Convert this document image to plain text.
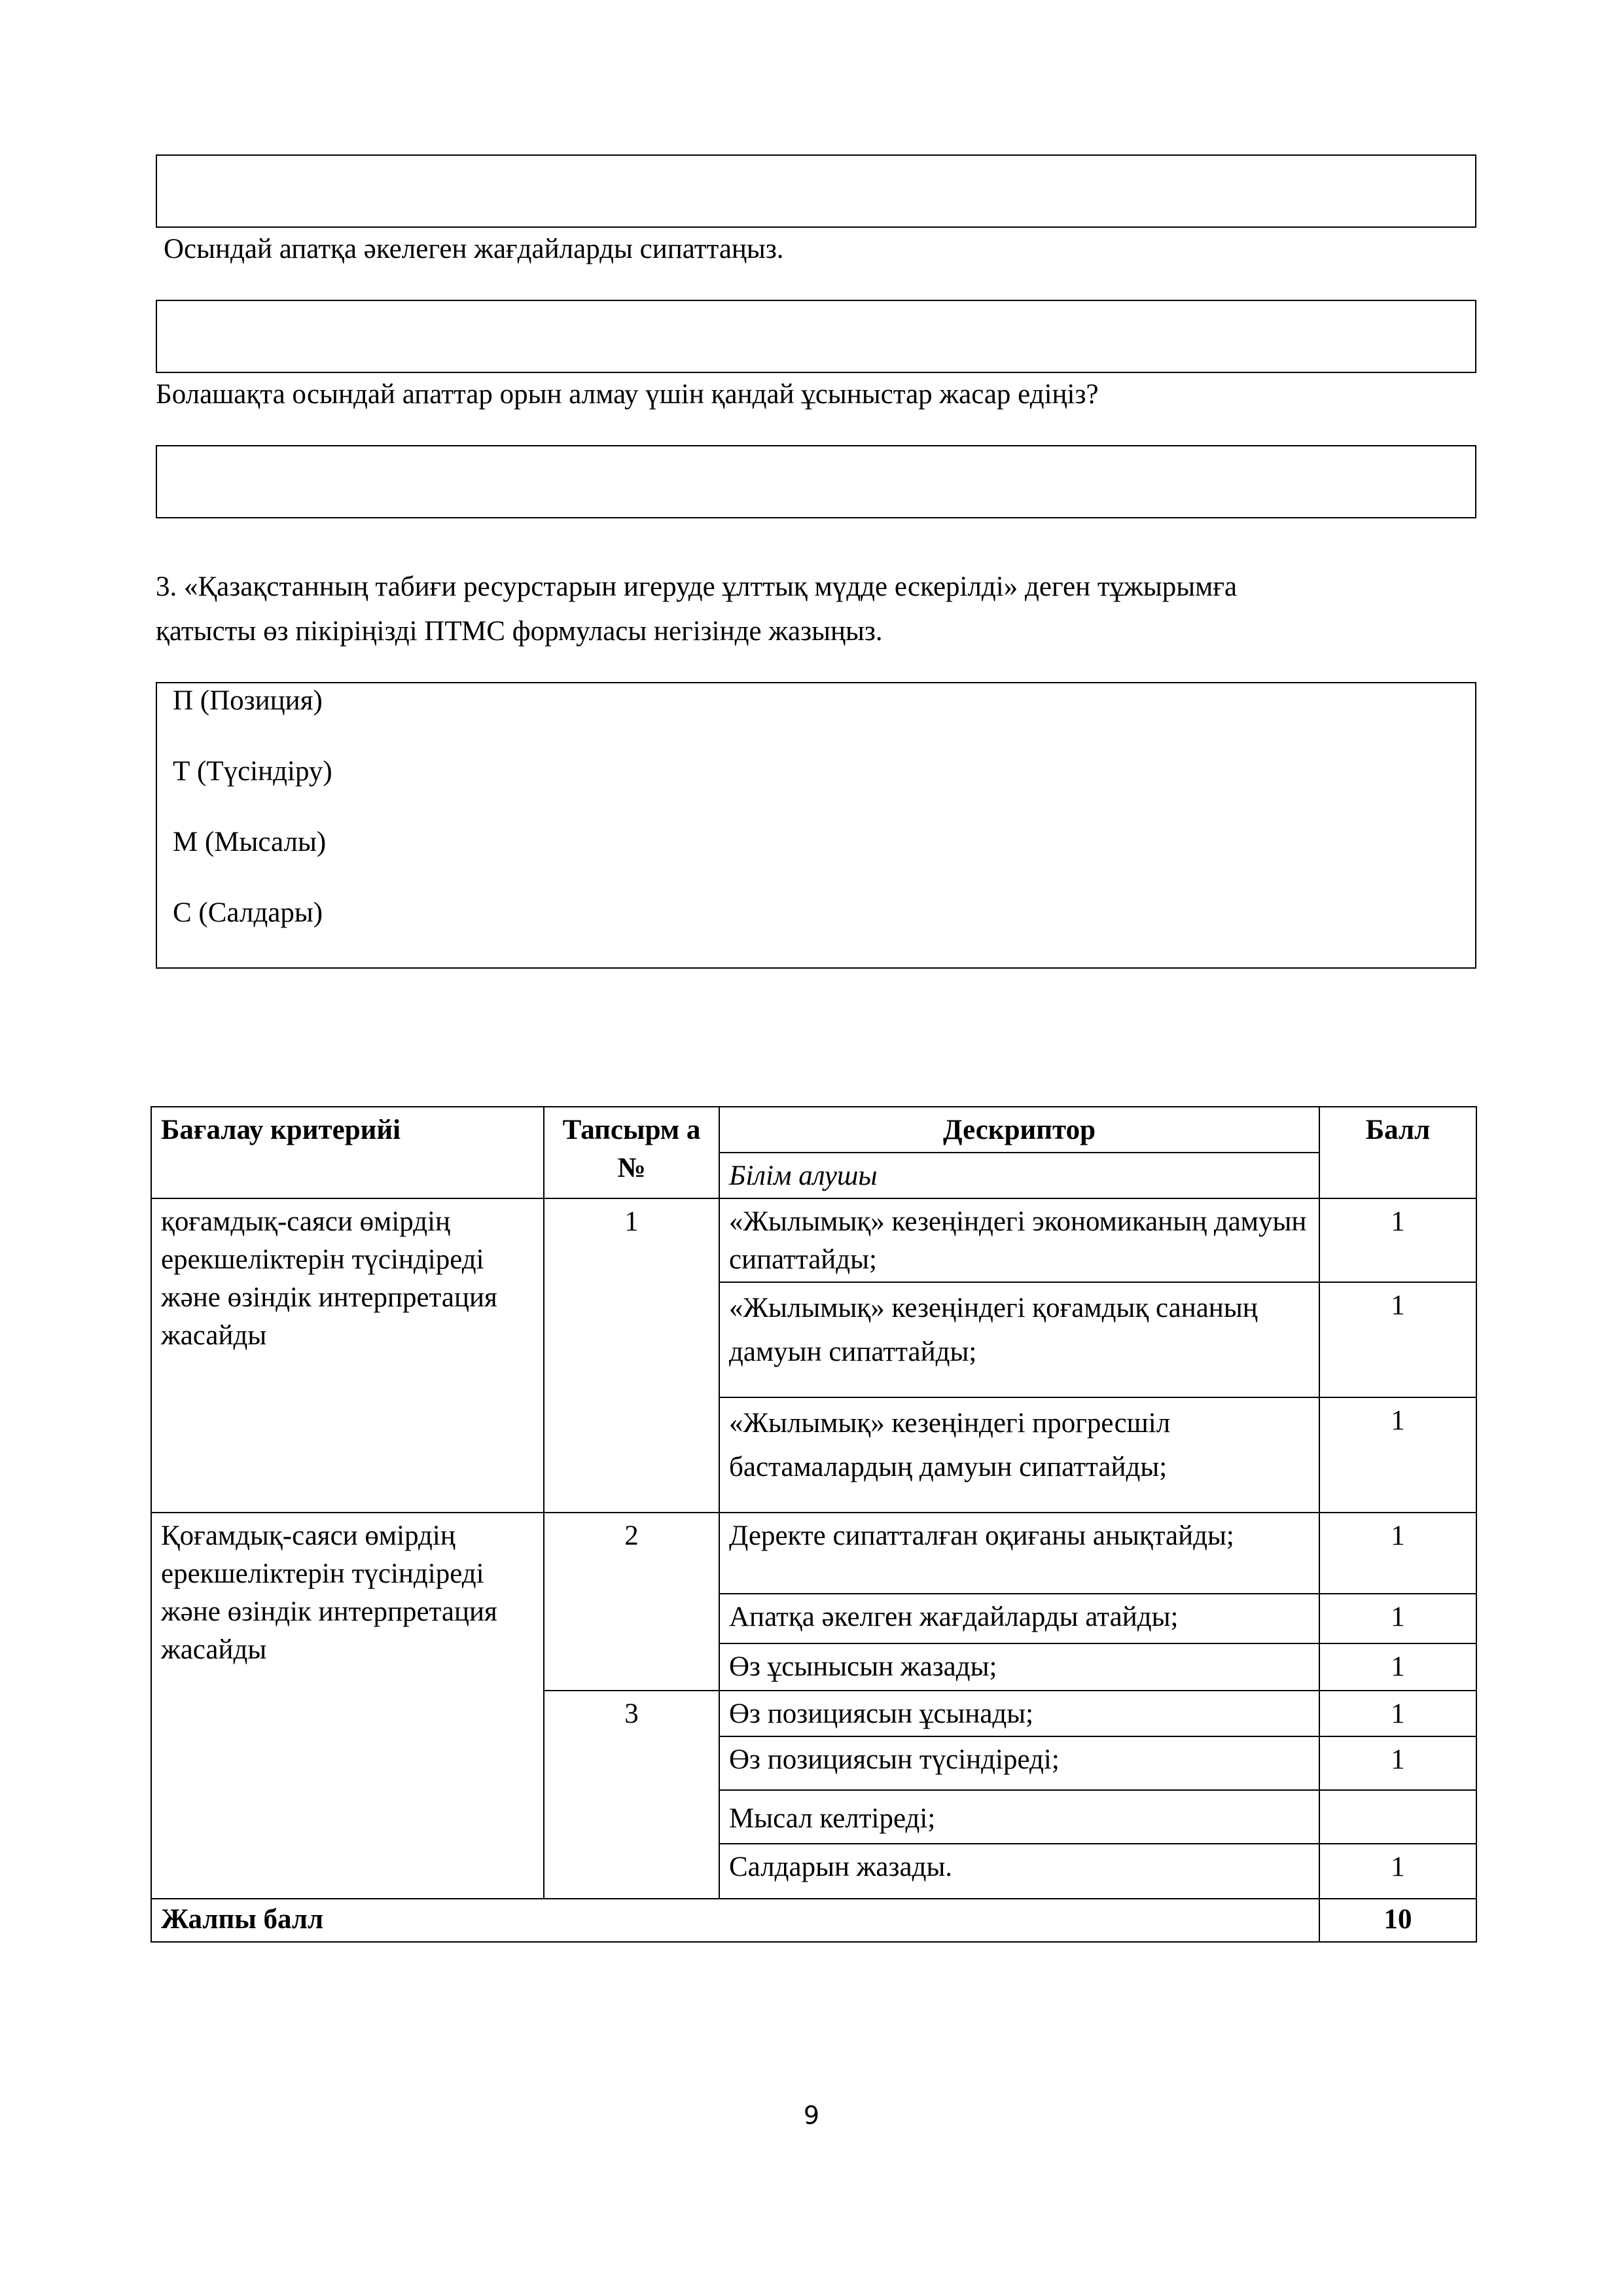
Осындай апатқа әкелеген жағдайларды сипаттаңыз.
Болашақта осындай апаттар орын алмау үшін қандай ұсыныстар жасар едіңіз?
3. «Қазақстанның табиғи ресурстарын игеруде ұлттық мүдде ескерілді» деген тұжырымға
қатысты өз пікіріңізді ПТМС формуласы негізінде жазыңыз.
П (Позиция)
Т (Түсіндіру)
М (Мысалы)
С (Салдары)
Бағалау критерийі	Тапсырм а №	Дескриптор	Балл
		Білім алушы	
қоғамдық-саяси өмірдің ерекшеліктерін түсіндіреді және өзіндік интерпретация жасайды	1	«Жылымық» кезеңіндегі экономиканың дамуын сипаттайды;	1
		«Жылымық» кезеңіндегі қоғамдық сананың дамуын сипаттайды;	1
		«Жылымық» кезеңіндегі прогресшіл бастамалардың дамуын сипаттайды;	1
Қоғамдық-саяси өмірдің ерекшеліктерін түсіндіреді және өзіндік интерпретация жасайды	2	Деректе сипатталған оқиғаны анықтайды;	1
		Апатқа әкелген жағдайларды атайды;	1
		Өз ұсынысын жазады;	1
	3	Өз позициясын ұсынады;	1
		Өз позициясын түсіндіреді;	1
		Мысал келтіреді;	
		Салдарын жазады.	1
Жалпы балл			10
9
